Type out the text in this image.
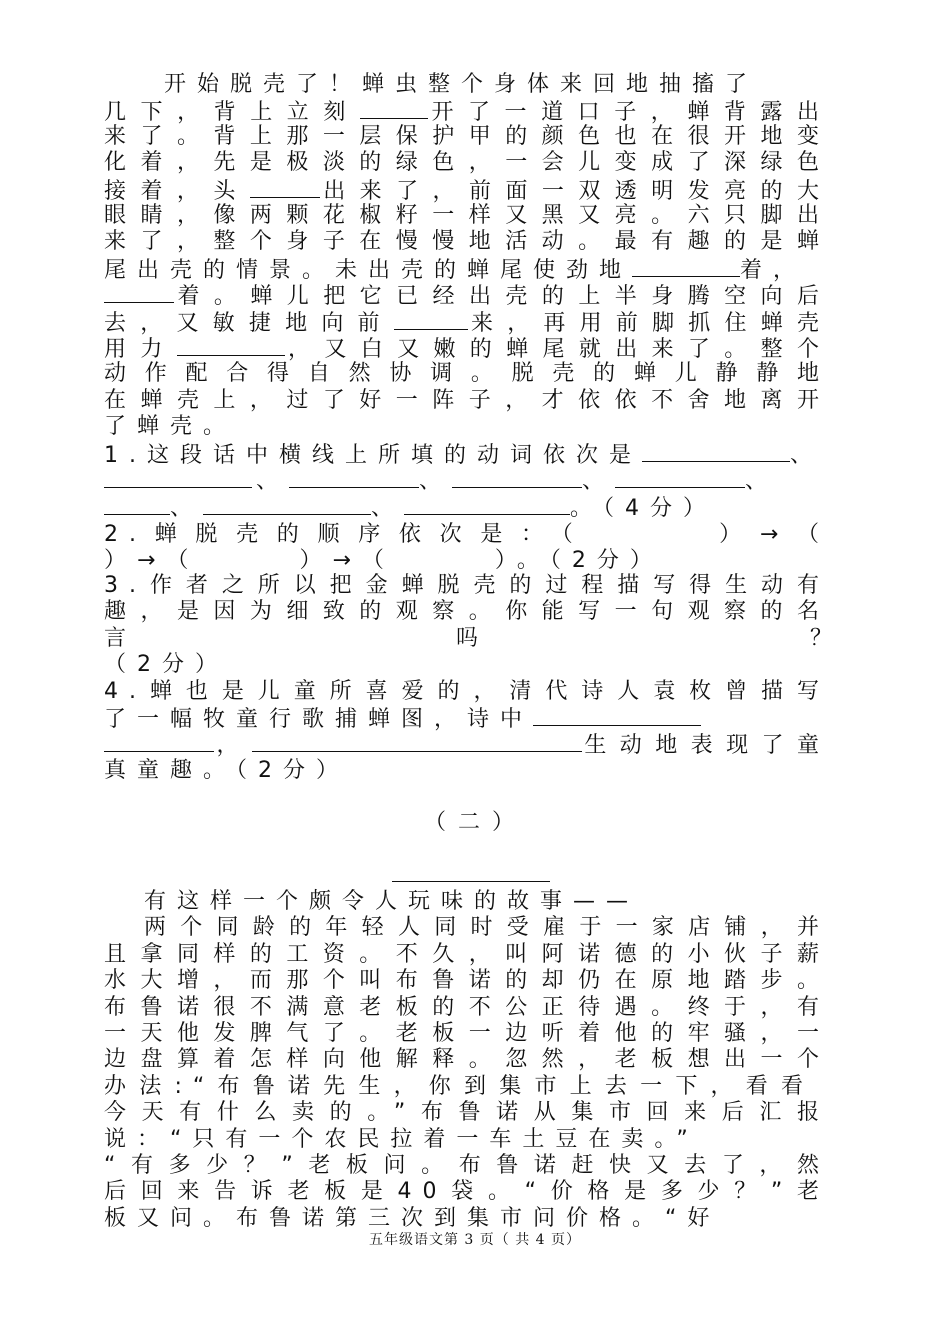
开始脱壳了！蝉虫整个身体来回地抽搐了
几下，背上立刻	开了一道口子，蝉背露出
来了。背上那一层保护甲的颜色也在很开地变
化着，先是极淡的绿色，一会儿变成了深绿色
接着，头	出来了，前面一双透明发亮的大
眼睛，像两颗花椒籽一样又黑又亮。六只脚出
来了，整个身子在慢慢地活动。最有趣的是蝉
尾出壳的情景。未出壳的蝉尾使劲地	着，
着。蝉儿把它已经出壳的上半身腾空向后
去，又敏捷地向前	来，再用前脚抓住蝉壳
用力	，又白又嫩的蝉尾就出来了。整个
动作配合得自然协调。脱壳的蝉儿静静地
在蝉壳上，过了好一阵子，才依依不舍地离开
了蝉壳。
1.这段话中横线上所填的动词依次是	、
、	、	、	、
、	、	。（4分）
2.蝉脱壳的顺序依次是：（	）→（
）→（	）→（	）。（2分）
3.作者之所以把金蝉脱壳的过程描写得生动有
趣，是因为细致的观察。你能写一句观察的名
言	吗	？
（2分）
4.蝉也是儿童所喜爱的，清代诗人袁枚曾描写
了一幅牧童行歌捕蝉图，诗中
，	生动地表现了童
真童趣。（2分）
（二）
有这样一个颇令人玩味的故事——
两个同龄的年轻人同时受雇于一家店铺，并
且拿同样的工资。不久，叫阿诺德的小伙子薪
水大增，而那个叫布鲁诺的却仍在原地踏步。
布鲁诺很不满意老板的不公正待遇。终于，有
一天他发脾气了。老板一边听着他的牢骚，一
边盘算着怎样向他解释。忽然，老板想出一个
办法:“布鲁诺先生，你到集市上去一下，看看
今天有什么卖的。”布鲁诺从集市回来后汇报
说：“只有一个农民拉着一车土豆在卖。”
“有多少？”老板问。布鲁诺赶快又去了，然
后回来告诉老板是40袋。“价格是多少？”老
板又问。布鲁诺第三次到集市问价格。“好
五年级语文第 3 页（ 共 4 页）
